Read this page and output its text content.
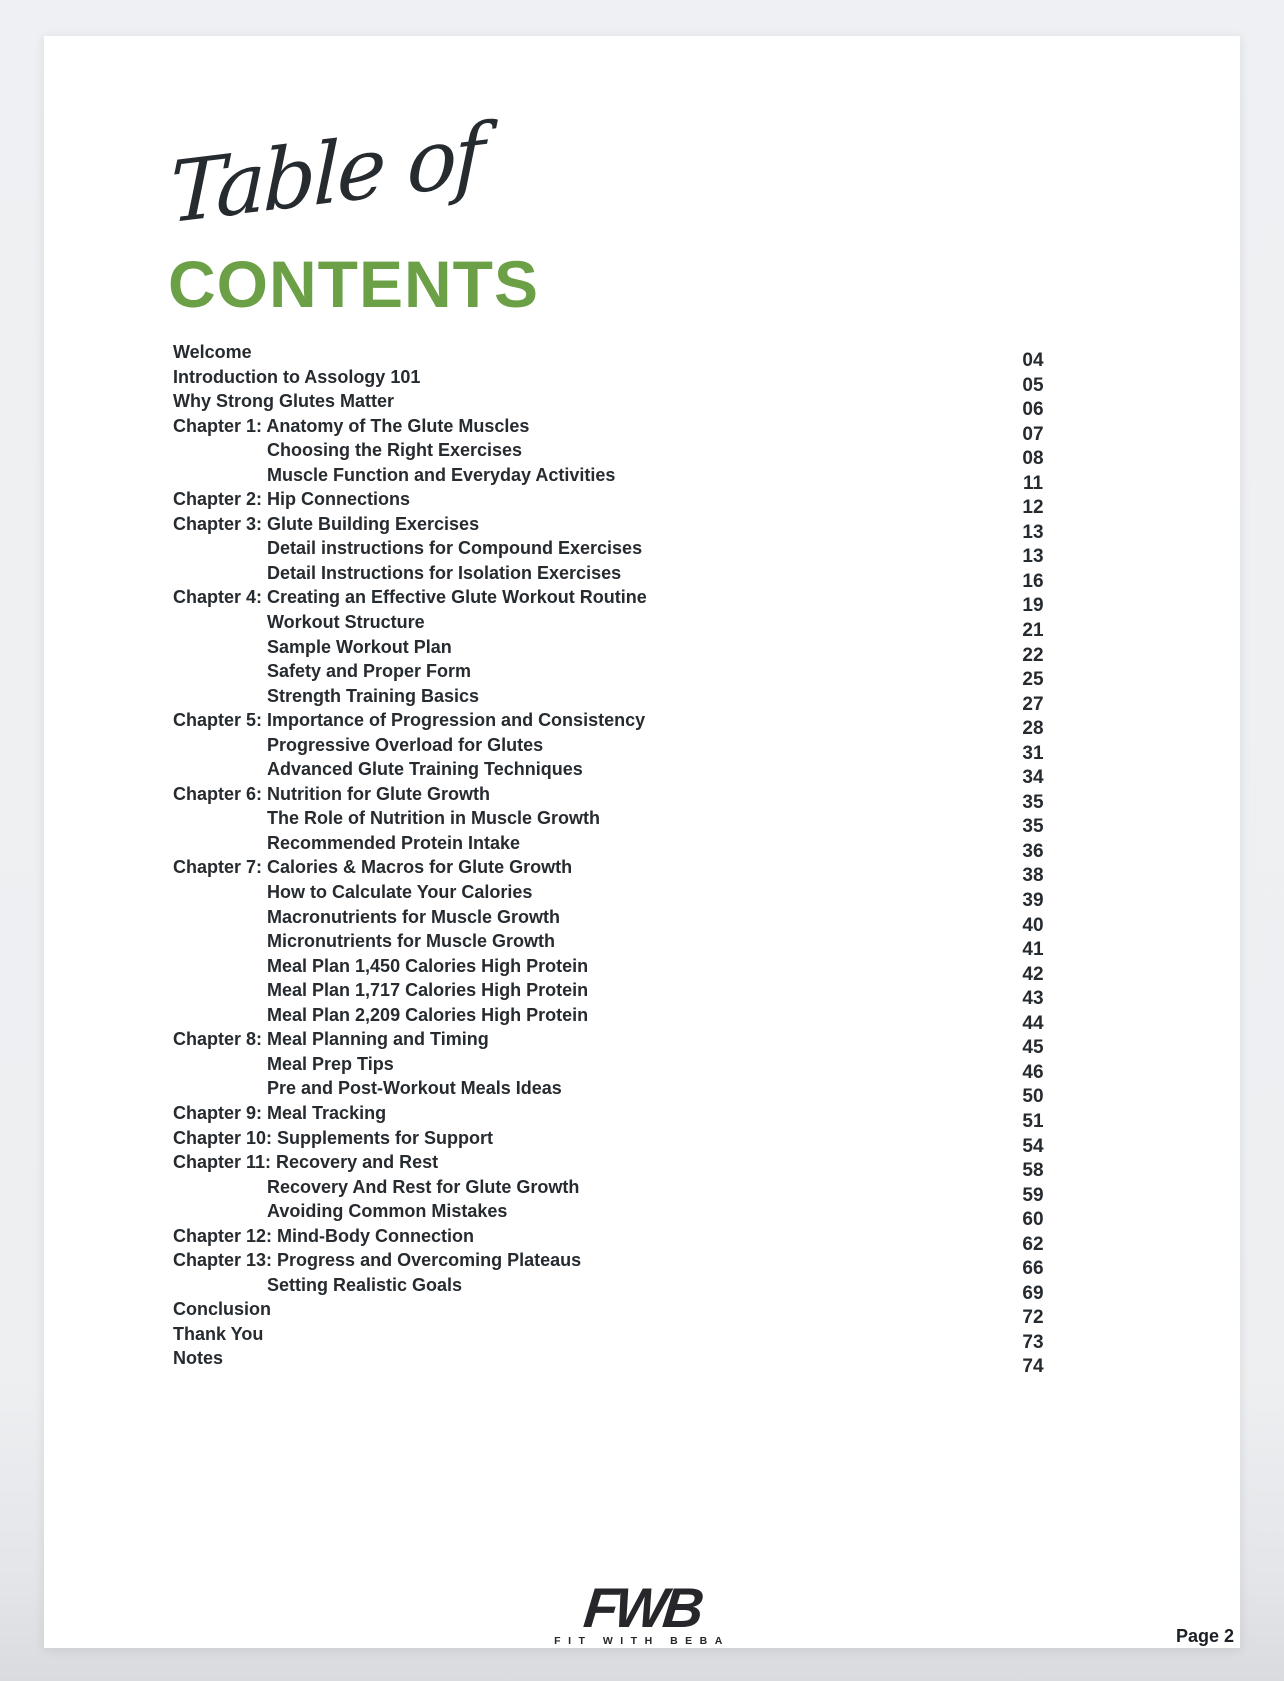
Table of
CONTENTS
Welcome
Introduction to Assology 101
Why Strong Glutes Matter
Chapter 1: Anatomy of The Glute Muscles
Choosing the Right Exercises
Muscle Function and Everyday Activities
Chapter 2: Hip Connections
Chapter 3: Glute Building Exercises
Detail instructions for Compound Exercises
Detail Instructions for Isolation Exercises
Chapter 4: Creating an Effective Glute Workout Routine
Workout Structure
Sample Workout Plan
Safety and Proper Form
Strength Training Basics
Chapter 5: Importance of Progression and Consistency
Progressive Overload for Glutes
Advanced Glute Training Techniques
Chapter 6: Nutrition for Glute Growth
The Role of Nutrition in Muscle Growth
Recommended Protein Intake
Chapter 7: Calories & Macros for Glute Growth
How to Calculate Your Calories
Macronutrients for Muscle Growth
Micronutrients for Muscle Growth
Meal Plan 1,450 Calories High Protein
Meal Plan 1,717 Calories High Protein
Meal Plan 2,209 Calories High Protein
Chapter 8: Meal Planning and Timing
Meal Prep Tips
Pre and Post-Workout Meals Ideas
Chapter 9: Meal Tracking
Chapter 10: Supplements for Support
Chapter 11: Recovery and Rest
Recovery And Rest for Glute Growth
Avoiding Common Mistakes
Chapter 12: Mind-Body Connection
Chapter 13: Progress and Overcoming Plateaus
Setting Realistic Goals
Conclusion
Thank You
Notes
04
05
06
07
08
11
12
13
13
16
19
21
22
25
27
28
31
34
35
35
36
38
39
40
41
42
43
44
45
46
50
51
54
58
59
60
62
66
69
72
73
74
FWB
FIT WITH BEBA	Page 2
